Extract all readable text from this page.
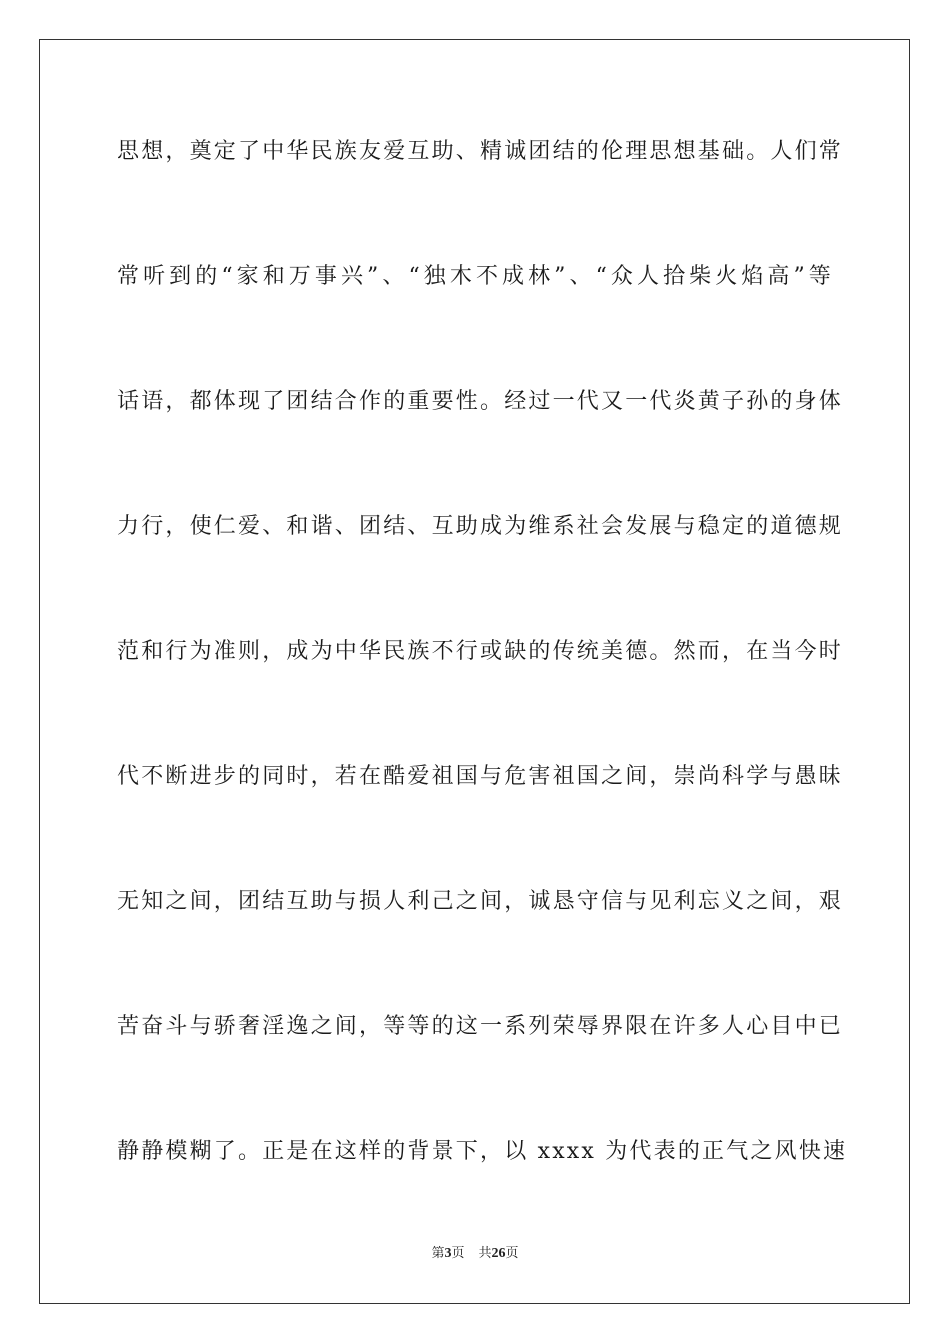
思想，奠定了中华民族友爱互助、精诚团结的伦理思想基础。人们常
常听到的“家和万事兴”、“独木不成林”、“众人拾柴火焰高”等
话语，都体现了团结合作的重要性。经过一代又一代炎黄子孙的身体
力行，使仁爱、和谐、团结、互助成为维系社会发展与稳定的道德规
范和行为准则，成为中华民族不行或缺的传统美德。然而，在当今时
代不断进步的同时，若在酷爱祖国与危害祖国之间，崇尚科学与愚昧
无知之间，团结互助与损人利己之间，诚恳守信与见利忘义之间，艰
苦奋斗与骄奢淫逸之间，等等的这一系列荣辱界限在许多人心目中已
静静模糊了。正是在这样的背景下，以 xxxx 为代表的正气之风快速
第3页 共26页
